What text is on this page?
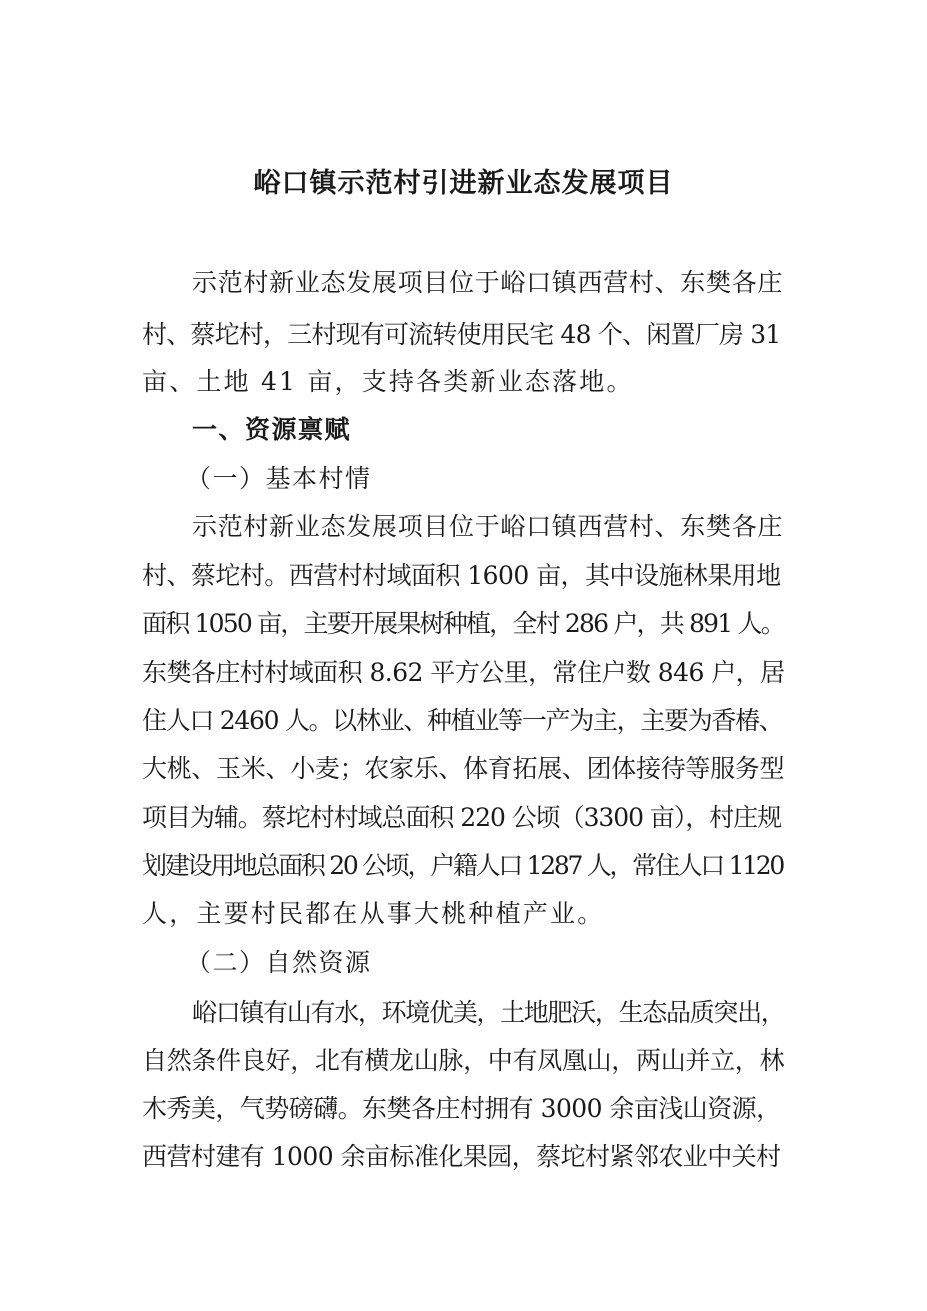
峪口镇示范村引进新业态发展项目
示范村新业态发展项目位于峪口镇西营村、东樊各庄
村、蔡坨村，三村现有可流转使用民宅 48 个、闲置厂房 31
亩、土地 41 亩，支持各类新业态落地。
一、资源禀赋
（一）基本村情
示范村新业态发展项目位于峪口镇西营村、东樊各庄
村、蔡坨村。西营村村域面积 1600 亩，其中设施林果用地
面积 1050 亩，主要开展果树种植，全村 286 户，共 891 人。
东樊各庄村村域面积 8.62 平方公里，常住户数 846 户，居
住人口 2460 人。以林业、种植业等一产为主，主要为香椿、
大桃、玉米、小麦；农家乐、体育拓展、团体接待等服务型
项目为辅。蔡坨村村域总面积 220 公顷（3300 亩），村庄规
划建设用地总面积 20 公顷，户籍人口 1287 人，常住人口 1120
人，主要村民都在从事大桃种植产业。
（二）自然资源
峪口镇有山有水，环境优美，土地肥沃，生态品质突出，
自然条件良好，北有横龙山脉，中有凤凰山，两山并立，林
木秀美，气势磅礴。东樊各庄村拥有 3000 余亩浅山资源，
西营村建有 1000 余亩标准化果园，蔡坨村紧邻农业中关村
